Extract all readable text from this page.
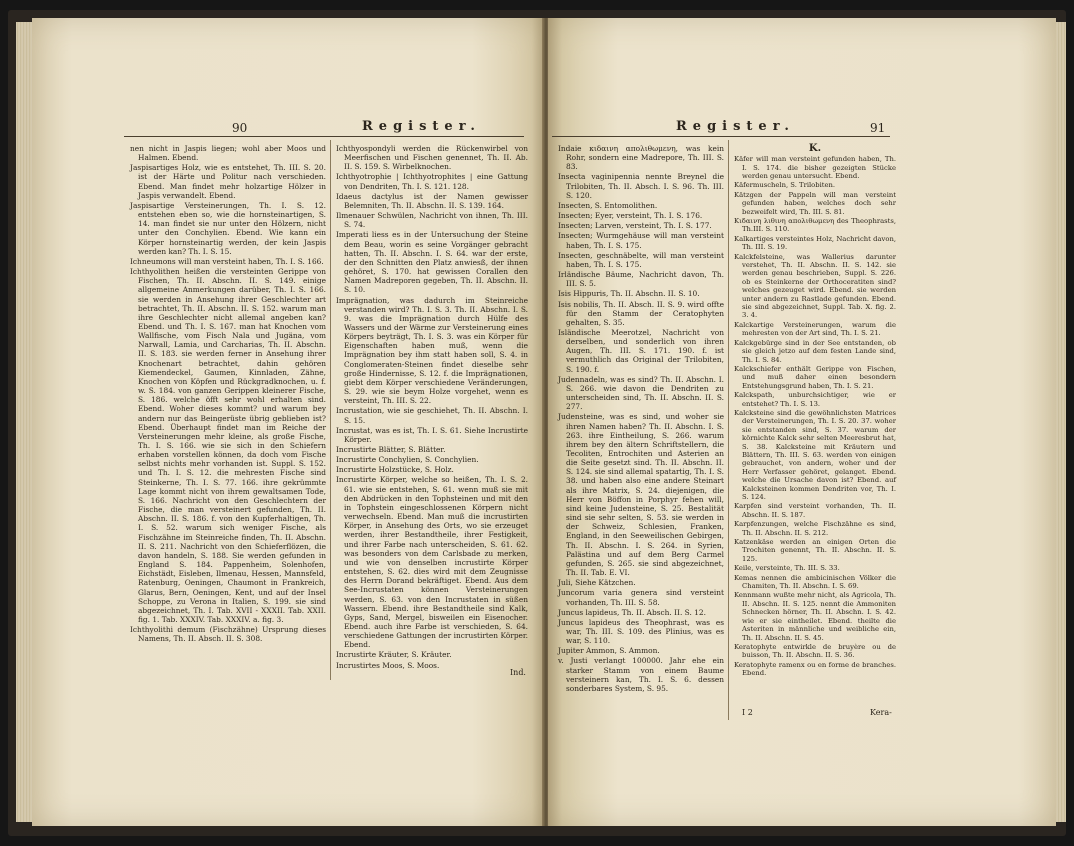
90	Register.

nen nicht in Jaspis liegen; wohl aber Moos und Halmen. Ebend.

Jaspisartiges Holz, wie es entstehet, Th. III. S. 20. ist der Härte und Politur nach verschieden. Ebend. Man findet mehr holzartige Hölzer in Jaspis verwandelt. Ebend.

Jaspisartige Versteinerungen, Th. I. S. 12. entstehen eben so, wie die hornsteinartigen, S. 14. man findet sie nur unter den Hölzern, nicht unter den Conchylien. Ebend. Wie kann ein Körper hornsteinartig werden, der kein Jaspis werden kan? Th. I. S. 15.

Ichneumons will man versteint haben, Th. I. S. 166.

Ichthyolithen heißen die versteinten Gerippe von Fischen, Th. II. Abschn. II. S. 149. einige allgemeine Anmerkungen darüber, Th. I. S. 166. sie werden in Ansehung ihrer Geschlechter art betrachtet, Th. II. Abschn. II. S. 152. warum man ihre Geschlechter nicht allemal angeben kan? Ebend. und Th. I. S. 167. man hat Knochen vom Wallfische, vom Fisch Nala und Jugäna, vom Narwall, Lamia, und Carcharias, Th. II. Abschn. II. S. 183. sie werden ferner in Ansehung ihrer Knochenart betrachtet, dahin gehören Kiemendeckel, Gaumen, Kinnladen, Zähne, Knochen von Köpfen und Rückgradknochen, u. f. w. S. 184. von ganzen Gerippen kleinerer Fische, S. 186. welche öfft sehr wohl erhalten sind. Ebend. Woher dieses kommt? und warum bey andern nur das Beingerüste übrig geblieben ist? Ebend. Überhaupt findet man im Reiche der Versteinerungen mehr kleine, als große Fische, Th. I. S. 166. wie sie sich in den Schiefern erhaben vorstellen können, da doch vom Fische selbst nichts mehr vorhanden ist. Suppl. S. 152. und Th. I. S. 12. die mehresten Fische sind Steinkerne, Th. I. S. 77. 166. ihre gekrümmte Lage kommt nicht von ihrem gewaltsamen Tode, S. 166. Nachricht von den Geschlechtern der Fische, die man versteinert gefunden, Th. II. Abschn. II. S. 186. f. von den Kupferhaltigen, Th. I. S. 52. warum sich weniger Fische, als Fischzähne im Steinreiche finden, Th. II. Abschn. II. S. 211. Nachricht von den Schieferflözen, die davon handeln, S. 188. Sie werden gefunden in England S. 184. Pappenheim, Solenhofen, Eichstädt, Eisleben, Ilmenau, Hessen, Mannsfeld, Ratenburg, Oeningen, Chaumont in Frankreich, Glarus, Bern, Oeningen, Kent, und auf der Insel Schoppe, zu Verona in Italien, S. 199. sie sind abgezeichnet, Th. I. Tab. XVII - XXXII. Tab. XXII. fig. 1. Tab. XXXIV. Tab. XXXIV. a. fig. 3.

Ichthyolithi demum (Fischzähne) Ursprung dieses Namens, Th. II. Absch. II. S. 308.

Ichthyospondyli werden die Rückenwirbel von Meerfischen und Fischen genennet, Th. II. Ab. II. S. 159. S. Wirbelknochen.

Ichthyotrophie | Ichthyotrophites | eine Gattung von Dendriten, Th. I. S. 121. 128.

Idaeus dactylus ist der Namen gewisser Belemniten, Th. II. Abschn. II. S. 139. 164.

Ilmenauer Schwülen, Nachricht von ihnen, Th. III. S. 74.

Imperati liess es in der Untersuchung der Steine dem Beau, worin es seine Vorgänger gebracht hatten, Th. II. Abschn. I. S. 64. war der erste, der den Schnitten den Platz anwiesß, der ihnen gehöret, S. 170. hat gewissen Corallen den Namen Madreporen gegeben, Th. II. Abschn. II. S. 10.

Imprägnation, was dadurch im Steinreiche verstanden wird? Th. I. S. 3. Th. II. Abschn. I. S. 9. was die Imprägnation durch Hülfe des Wassers und der Wärme zur Versteinerung eines Körpers beyträgt, Th. I. S. 3. was ein Körper für Eigenschaften haben muß, wenn die Imprägnation bey ihm statt haben soll, S. 4. in Conglomeraten-Steinen findet dieselbe sehr große Hindernisse, S. 12. f. die Imprägnationen, giebt dem Körper verschiedene Veränderungen, S. 29. wie sie beym Holze vorgehet, wenn es versteint, Th. III. S. 22.

Incrustation, wie sie geschiehet, Th. II. Abschn. I. S. 15.

Incrustat, was es ist, Th. I. S. 61. Siehe Incrustirte Körper.

Incrustirte Blätter, S. Blätter.

Incrustirte Conchylien, S. Conchylien.

Incrustirte Holzstücke, S. Holz.

Incrustirte Körper, welche so heißen, Th. I. S. 2. 61. wie sie entstehen, S. 61. wenn muß sie mit den Abdrücken in den Tophsteinen und mit den in Tophstein eingeschlossenen Körpern nicht verwechseln. Ebend. Man muß die incrustirten Körper, in Ansehung des Orts, wo sie erzeuget werden, ihrer Bestandtheile, ihrer Festigkeit, und ihrer Farbe nach unterscheiden, S. 61. 62. was besonders von dem Carlsbade zu merken, und wie von denselben incrustirte Körper entstehen, S. 62. dies wird mit dem Zeugnisse des Herrn Dorand bekräftiget. Ebend. Aus dem See-Incrustaten können Versteinerungen werden, S. 63. von den Incrustaten in süßen Wassern. Ebend. ihre Bestandtheile sind Kalk, Gyps, Sand, Mergel, bisweilen ein Eisenocher. Ebend. auch ihre Farbe ist verschieden, S. 64. verschiedene Gattungen der incrustirten Körper. Ebend.

Incrustirte Kräuter, S. Kräuter.

Incrustirtes Moos, S. Moos.

Ind.
Register.	91

Indaie κιδαινη απολιθωμενη, was kein Rohr, sondern eine Madrepore, Th. III. S. 83.

Insecta vaginipennia nennte Breynel die Trilobiten, Th. II. Absch. I. S. 96. Th. III. S. 120.

Insecten, S. Entomolithen.

Insecten; Eyer, versteint, Th. I. S. 176.

Insecten; Larven, versteint, Th. I. S. 177.

Insecten; Wurmgehäuse will man versteint haben, Th. I. S. 175.

Insecten, geschnäbelte, will man versteint haben, Th. I. S. 175.

Irländische Bäume, Nachricht davon, Th. III. S. 5.

Isis Hippuris, Th. II. Abschn. II. S. 10.

Isis nobilis, Th. II. Absch. II. S. 9. wird offte für den Stamm der Ceratophyten gehalten, S. 35.

Isländische Meerotzel, Nachricht von derselben, und sonderlich von ihren Augen, Th. III. S. 171. 190. f. ist vermuthlich das Original der Trilobiten, S. 190. f.

Judennadeln, was es sind? Th. II. Abschn. I. S. 266. wie davon die Dendriten zu unterscheiden sind, Th. II. Abschn. II. S. 277.

Judensteine, was es sind, und woher sie ihren Namen haben? Th. II. Abschn. I. S. 263. ihre Eintheilung, S. 266. warum ihrem bey den ältern Schriftstellern, die Tecoliten, Entrochiten und Asterien an die Seite gesetzt sind. Th. II. Abschn. II. S. 124. sie sind allemal spatartig, Th. I. S. 38. und haben also eine andere Steinart als ihre Matrix, S. 24. diejenigen, die Herr von Böffon in Porphyr fehen will, sind keine Judensteine, S. 25. Bestalität sind sie sehr selten, S. 53. sie werden in der Schweiz, Schlesien, Franken, England, in den Seeweilischen Gebirgen, Th. II. Abschn. I. S. 264. in Syrien, Palästina und auf dem Berg Carmel gefunden, S. 265. sie sind abgezeichnet, Th. II. Tab. E. VI.

Juli, Siehe Kätzchen.

Juncorum varia genera sind versteint vorhanden, Th. III. S. 58.

Juncus lapideus, Th. II. Absch. II. S. 12.

Juncus lapideus des Theophrast, was es war, Th. III. S. 109. des Plinius, was es war, S. 110.

Jupiter Ammon, S. Ammon.

v. Justi verlangt 100000. Jahr ehe ein starker Stamm von einem Baume versteinern kan, Th. I. S. 6. dessen sonderbares System, S. 95.

K.

Käfer will man versteint gefunden haben, Th. I. S. 174. die bisher gezeigten Stücke werden genau untersucht. Ebend.

Käfermuscheln, S. Trilobiten.

Kätzgen der Pappeln will man versteint gefunden haben, welches doch sehr bezweifelt wird, Th. III. S. 81.

Κιδαινη λιθινη απολιθωμενη des Theophrasts, Th.III. S. 110.

Kalkartiges versteintes Holz, Nachricht davon, Th. III. S. 19.

Kalckfelsteine, was Wallerius darunter verstehet, Th. II. Abschn. II. S. 142. sie werden genau beschrieben, Suppl. S. 226. ob es Steinkerne der Orthoceratiten sind? welches gezeuget wird. Ebend. sie werden unter andern zu Rastlade gefunden. Ebend. sie sind abgezeichnet, Suppl. Tab. X. fig. 2. 3. 4.

Kalckartige Versteinerungen, warum die mehresten von der Art sind, Th. I. S. 21.

Kalckgebürge sind in der See entstanden, ob sie gleich jetzo auf dem festen Lande sind, Th. I. S. 84.

Kalckschiefer enthält Gerippe von Fischen, und muß daher einen besondern Entstehungsgrund haben, Th. I. S. 21.

Kalckspath, unburchsichtiger, wie er entstehet? Th. I. S. 13.

Kalcksteine sind die gewöhnlichsten Matrices der Versteinerungen, Th. I. S. 20. 37. woher sie entstanden sind, S. 37. warum der körnichte Kalck sehr selten Meeresbrut hat, S. 38. Kalcksteine mit Kräutern und Blättern, Th. III. S. 63. werden von einigen gebrauchet, von andern, woher und der Herr Verfasser gehöret, gelanget. Ebend. welche die Ursache davon ist? Ebend. auf Kalcksteinen kommen Dendriten vor, Th. I. S. 124.

Karpfen sind versteint vorhanden, Th. II. Abschn. II. S. 187.

Karpfenzungen, welche Fischzähne es sind, Th. II. Abschn. II. S. 212.

Katzenkäse werden an einigen Orten die Trochiten genennt, Th. II. Abschn. II. S. 125.

Keile, versteinte, Th. III. S. 33.

Kemas nennen die ambicinischen Völker die Chamiten, Th. II. Abschn. I. S. 69.

Kennmann wußte mehr nicht, als Agricola, Th. II. Abschn. II. S. 125. nennt die Ammoniten Schnecken hörner, Th. II. Abschn. I. S. 42. wie er sie eintheilet. Ebend. theilte die Asteriten in männliche und weibliche ein, Th. II. Abschn. II. S. 45.

Keratophyte entwirkle de bruyère ou de buisson, Th. II. Abschn. II. S. 36.

Keratophyte ramenx ou en forme de branches. Ebend.

I 2	Kera-
